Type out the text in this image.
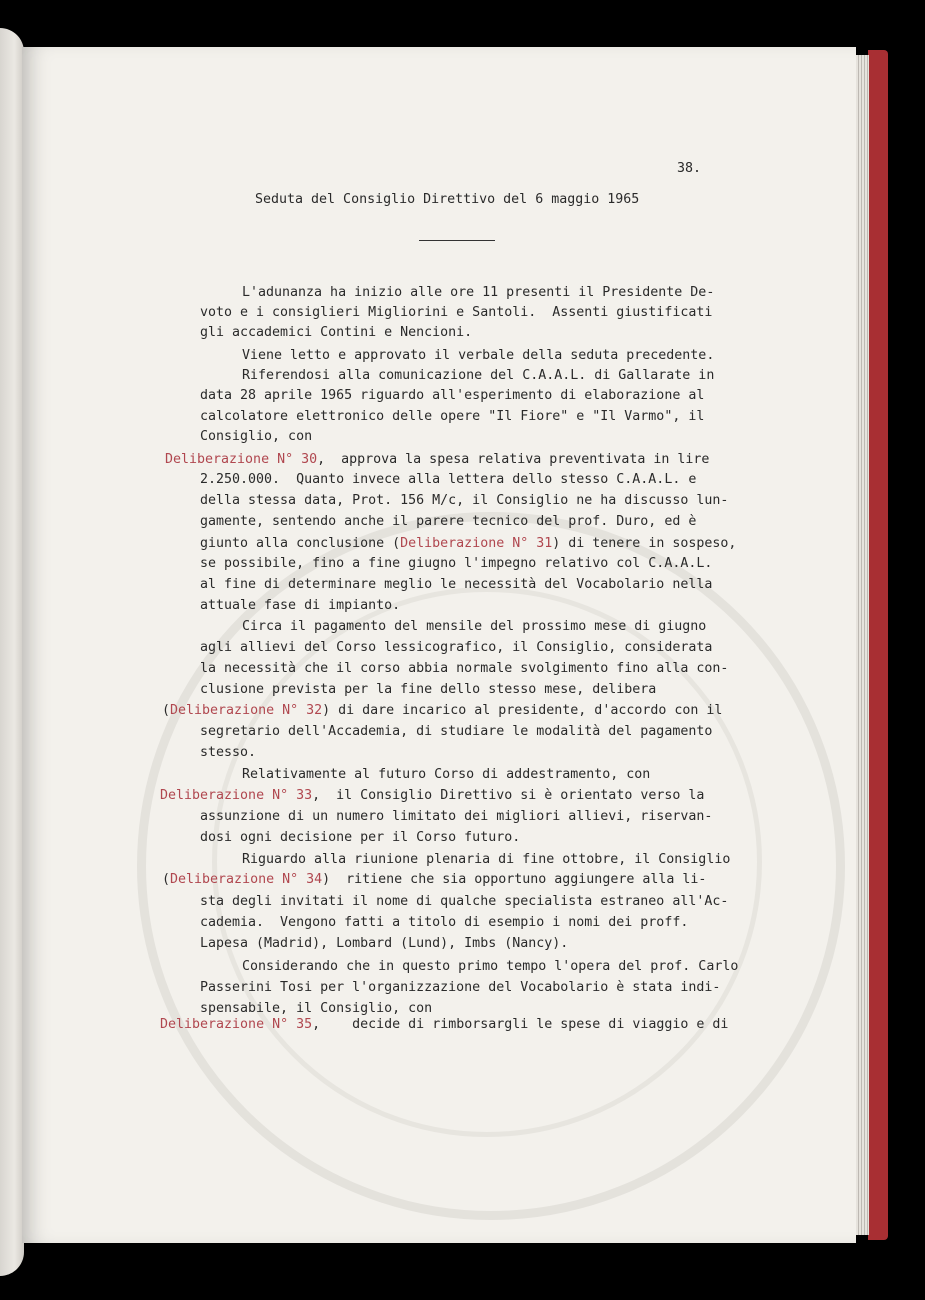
38.

Seduta del Consiglio Direttivo del 6 maggio 1965

L'adunanza ha inizio alle ore 11 presenti il Presidente De-

voto e i consiglieri Migliorini e Santoli.  Assenti giustificati

gli accademici Contini e Nencioni.

Viene letto e approvato il verbale della seduta precedente.

Riferendosi alla comunicazione del C.A.A.L. di Gallarate in

data 28 aprile 1965 riguardo all'esperimento di elaborazione al

calcolatore elettronico delle opere "Il Fiore" e "Il Varmo", il

Consiglio, con

Deliberazione N° 30,  approva la spesa relativa preventivata in lire

2.250.000.  Quanto invece alla lettera dello stesso C.A.A.L. e

della stessa data, Prot. 156 M/c, il Consiglio ne ha discusso lun-

gamente, sentendo anche il parere tecnico del prof. Duro, ed è

giunto alla conclusione (Deliberazione N° 31) di tenere in sospeso,

se possibile, fino a fine giugno l'impegno relativo col C.A.A.L.

al fine di determinare meglio le necessità del Vocabolario nella

attuale fase di impianto.

Circa il pagamento del mensile del prossimo mese di giugno

agli allievi del Corso lessicografico, il Consiglio, considerata

la necessità che il corso abbia normale svolgimento fino alla con-

clusione prevista per la fine dello stesso mese, delibera

(Deliberazione N° 32) di dare incarico al presidente, d'accordo con il

segretario dell'Accademia, di studiare le modalità del pagamento

stesso.

Relativamente al futuro Corso di addestramento, con

Deliberazione N° 33,  il Consiglio Direttivo si è orientato verso la

assunzione di un numero limitato dei migliori allievi, riservan-

dosi ogni decisione per il Corso futuro.

Riguardo alla riunione plenaria di fine ottobre, il Consiglio

(Deliberazione N° 34)  ritiene che sia opportuno aggiungere alla li-

sta degli invitati il nome di qualche specialista estraneo all'Ac-

cademia.  Vengono fatti a titolo di esempio i nomi dei proff.

Lapesa (Madrid), Lombard (Lund), Imbs (Nancy).

Considerando che in questo primo tempo l'opera del prof. Carlo

Passerini Tosi per l'organizzazione del Vocabolario è stata indi-

spensabile, il Consiglio, con

Deliberazione N° 35,    decide di rimborsargli le spese di viaggio e di
